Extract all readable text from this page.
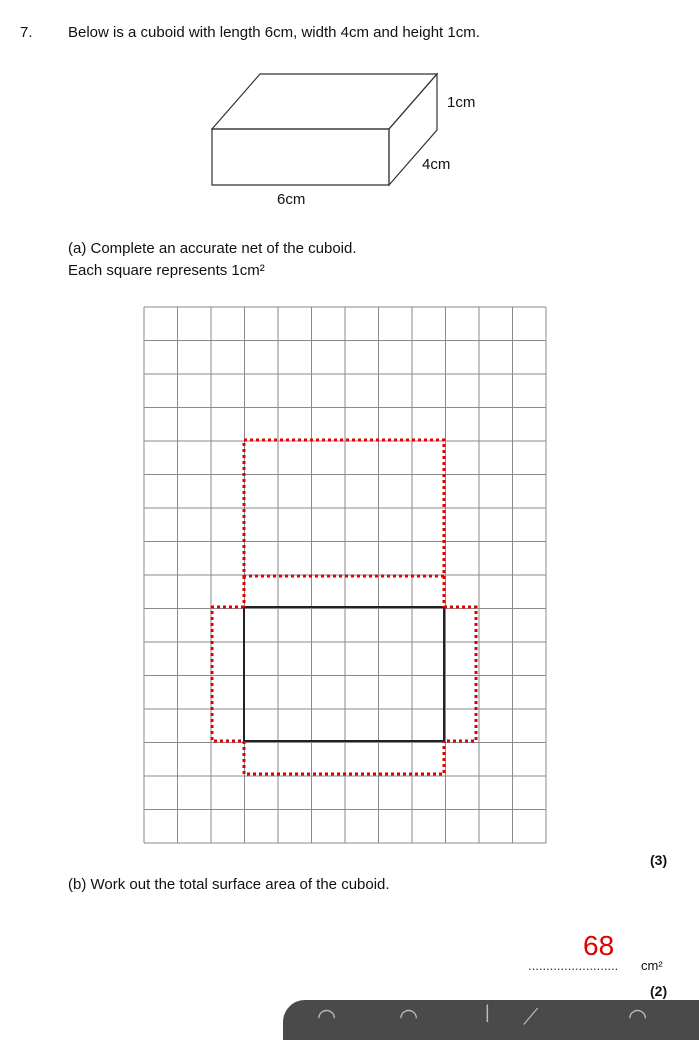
7. Below is a cuboid with length 6cm, width 4cm and height 1cm.
1cm
4cm
6cm
(a) Complete an accurate net of the cuboid.
Each square represents 1cm²
(3)
(b) Work out the total surface area of the cuboid.
68
......................... cm²
(2)
◠	◠	| ⟋	◠
